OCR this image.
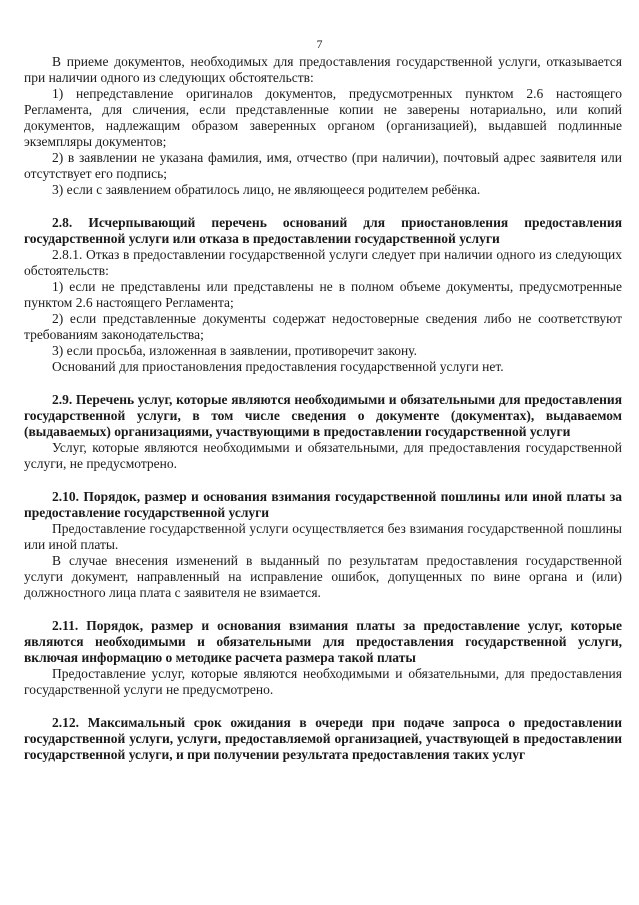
7

В приеме документов, необходимых для предоставления государственной услуги, отказывается при наличии одного из следующих обстоятельств:

1) непредставление оригиналов документов, предусмотренных пунктом 2.6 настоящего Регламента, для сличения, если представленные копии не заверены нотариально, или копий документов, надлежащим образом заверенных органом (организацией), выдавшей подлинные экземпляры документов;

2) в заявлении не указана фамилия, имя, отчество (при наличии), почтовый адрес заявителя или отсутствует его подпись;

3) если с заявлением обратилось лицо, не являющееся родителем ребёнка.

2.8. Исчерпывающий перечень оснований для приостановления предоставления государственной услуги или отказа в предоставлении государственной услуги

2.8.1. Отказ в предоставлении государственной услуги следует при наличии одного из следующих обстоятельств:

1) если не представлены или представлены не в полном объеме документы, предусмотренные пунктом 2.6 настоящего Регламента;

2) если представленные документы содержат недостоверные сведения либо не соответствуют требованиям законодательства;

3) если просьба, изложенная в заявлении, противоречит закону.

Оснований для приостановления предоставления государственной услуги нет.

2.9. Перечень услуг, которые являются необходимыми и обязательными для предоставления государственной услуги, в том числе сведения о документе (документах), выдаваемом (выдаваемых) организациями, участвующими в предоставлении государственной услуги

Услуг, которые являются необходимыми и обязательными, для предоставления государственной услуги, не предусмотрено.

2.10. Порядок, размер и основания взимания государственной пошлины или иной платы за предоставление государственной услуги

Предоставление государственной услуги осуществляется без взимания государственной пошлины или иной платы.

В случае внесения изменений в выданный по результатам предоставления государственной услуги документ, направленный на исправление ошибок, допущенных по вине органа и (или) должностного лица плата с заявителя не взимается.

2.11. Порядок, размер и основания взимания платы за предоставление услуг, которые являются необходимыми и обязательными для предоставления государственной услуги, включая информацию о методике расчета размера такой платы

Предоставление услуг, которые являются необходимыми и обязательными, для предоставления государственной услуги не предусмотрено.

2.12. Максимальный срок ожидания в очереди при подаче запроса о предоставлении государственной услуги, услуги, предоставляемой организацией, участвующей в предоставлении государственной услуги, и при получении результата предоставления таких услуг
